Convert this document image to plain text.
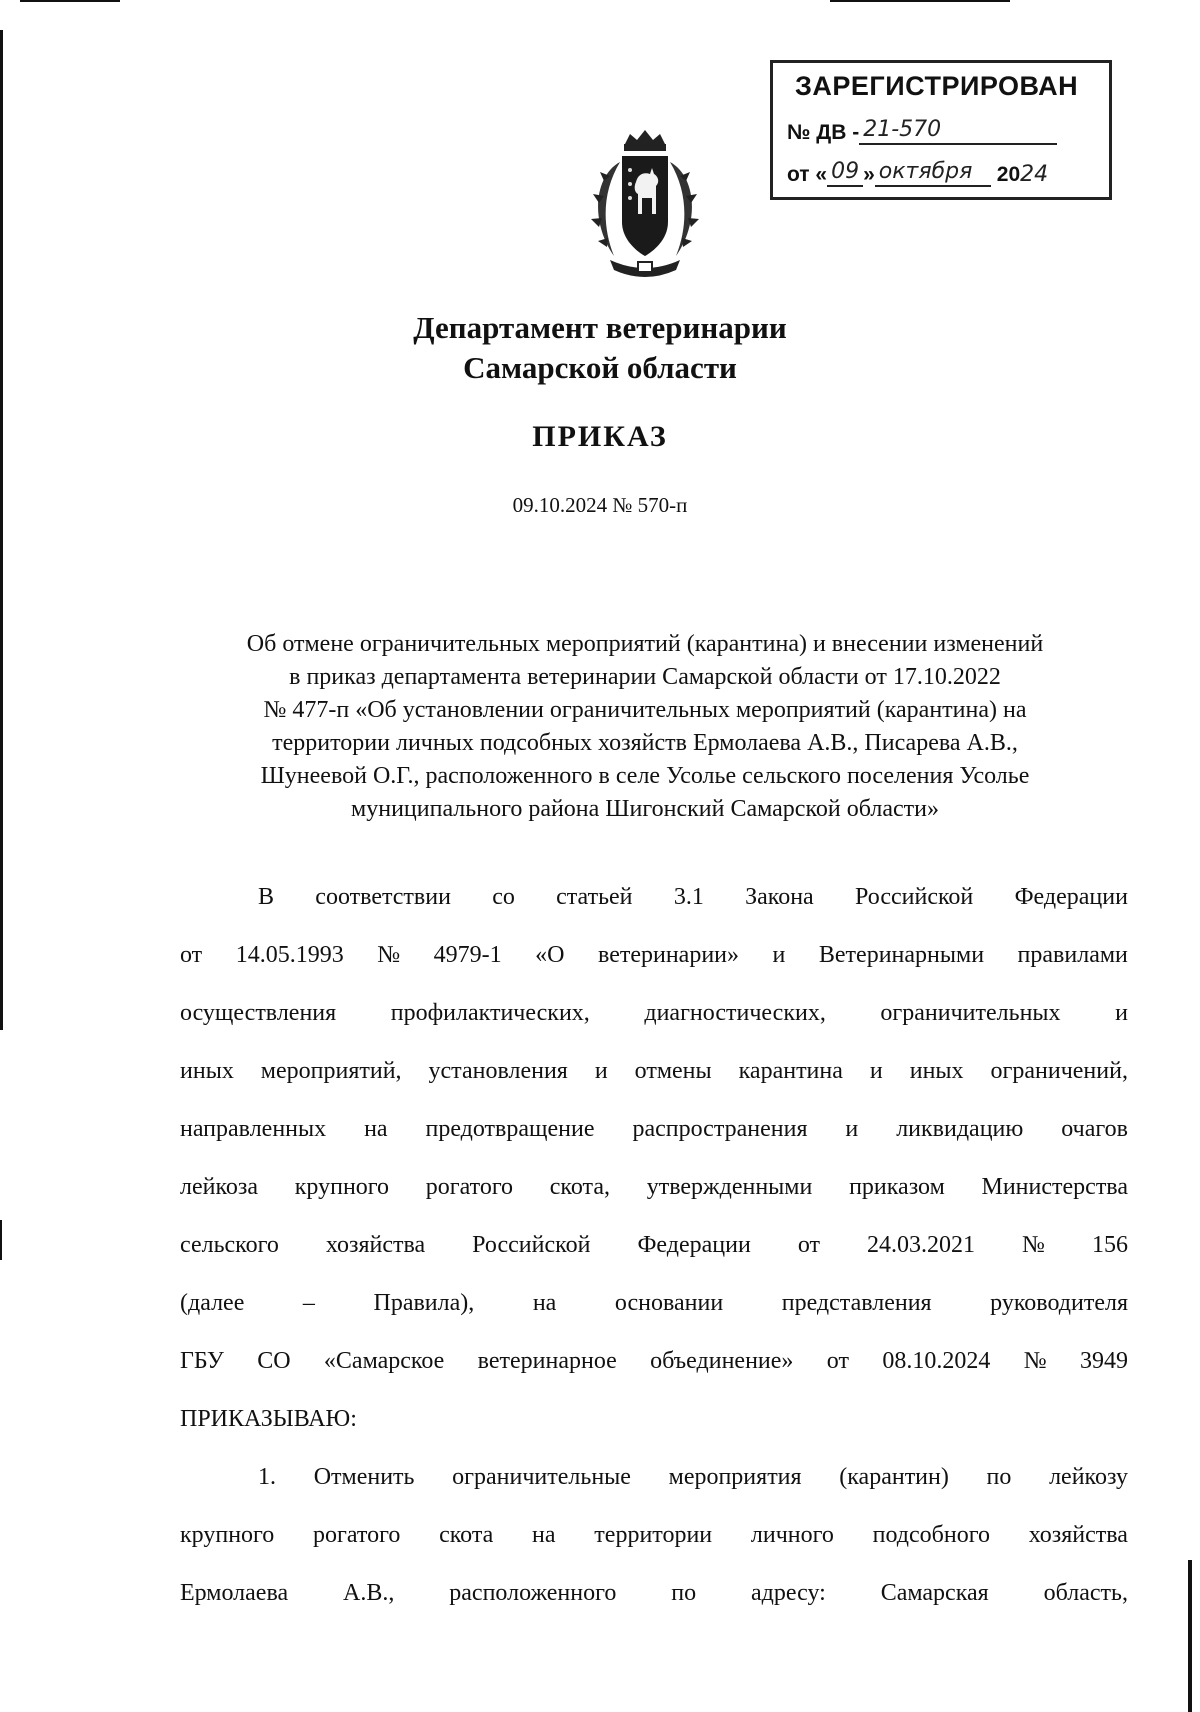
ЗАРЕГИСТРИРОВАН
№ ДВ - 21-570
от « 09 » октября	20 24
Департамент ветеринарии
Самарской области
ПРИКАЗ
09.10.2024 № 570-п
Об отмене ограничительных мероприятий (карантина) и внесении изменений
в приказ департамента ветеринарии Самарской области от 17.10.2022
№ 477-п «Об установлении ограничительных мероприятий (карантина) на
территории личных подсобных хозяйств Ермолаева А.В., Писарева А.В.,
Шунеевой О.Г., расположенного в селе Усолье сельского поселения Усолье
муниципального района Шигонский Самарской области»
В соответствии со статьей 3.1 Закона Российской Федерации
от 14.05.1993 № 4979-1 «О ветеринарии» и Ветеринарными правилами
осуществления профилактических, диагностических, ограничительных и
иных мероприятий, установления и отмены карантина и иных ограничений,
направленных на предотвращение распространения и ликвидацию очагов
лейкоза крупного рогатого скота, утвержденными приказом Министерства
сельского хозяйства Российской Федерации от 24.03.2021 № 156
(далее – Правила), на основании представления руководителя
ГБУ СО «Самарское ветеринарное объединение» от 08.10.2024 № 3949
ПРИКАЗЫВАЮ:
1. Отменить ограничительные мероприятия (карантин) по лейкозу
крупного рогатого скота на территории личного подсобного хозяйства
Ермолаева А.В., расположенного по адресу: Самарская область,
